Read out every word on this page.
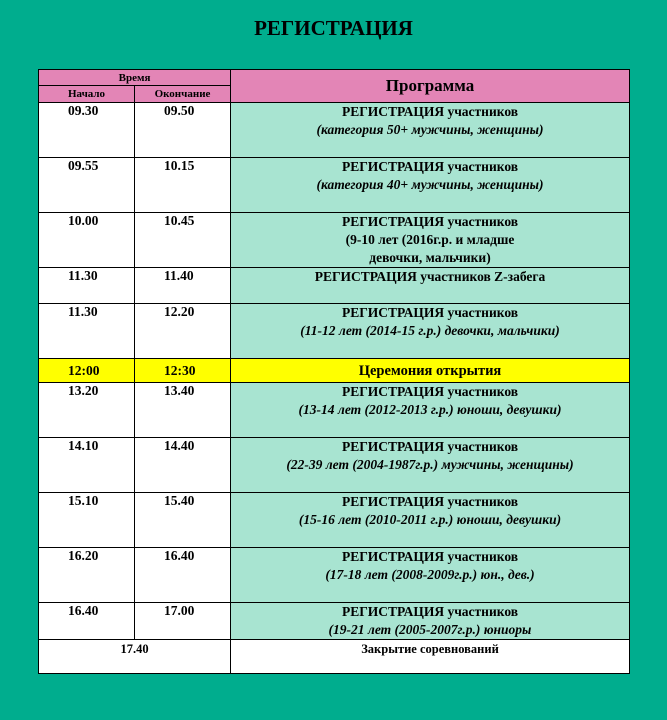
РЕГИСТРАЦИЯ
Время		Программа
Начало	Окончание	
09.30	09.50	РЕГИСТРАЦИЯ участников
(категория 50+ мужчины, женщины)

09.55	10.15	РЕГИСТРАЦИЯ участников
(категория 40+ мужчины, женщины)

10.00	10.45	РЕГИСТРАЦИЯ участников
(9-10 лет (2016г.р. и младше
девочки, мальчики)

11.30	11.40	РЕГИСТРАЦИЯ участников Z-забега

11.30	12.20	РЕГИСТРАЦИЯ участников
(11-12 лет (2014-15 г.р.) девочки, мальчики)

12:00	12:30	Церемония открытия

13.20	13.40	РЕГИСТРАЦИЯ участников
(13-14 лет (2012-2013 г.р.) юноши, девушки)

14.10	14.40	РЕГИСТРАЦИЯ участников
(22-39 лет (2004-1987г.р.) мужчины, женщины)

15.10	15.40	РЕГИСТРАЦИЯ участников
(15-16 лет (2010-2011 г.р.) юноши, девушки)

16.20	16.40	РЕГИСТРАЦИЯ участников
(17-18 лет (2008-2009г.р.) юн., дев.)

16.40	17.00	РЕГИСТРАЦИЯ участников
(19-21 лет (2005-2007г.р.) юниоры

17.40		Закрытие соревнований
